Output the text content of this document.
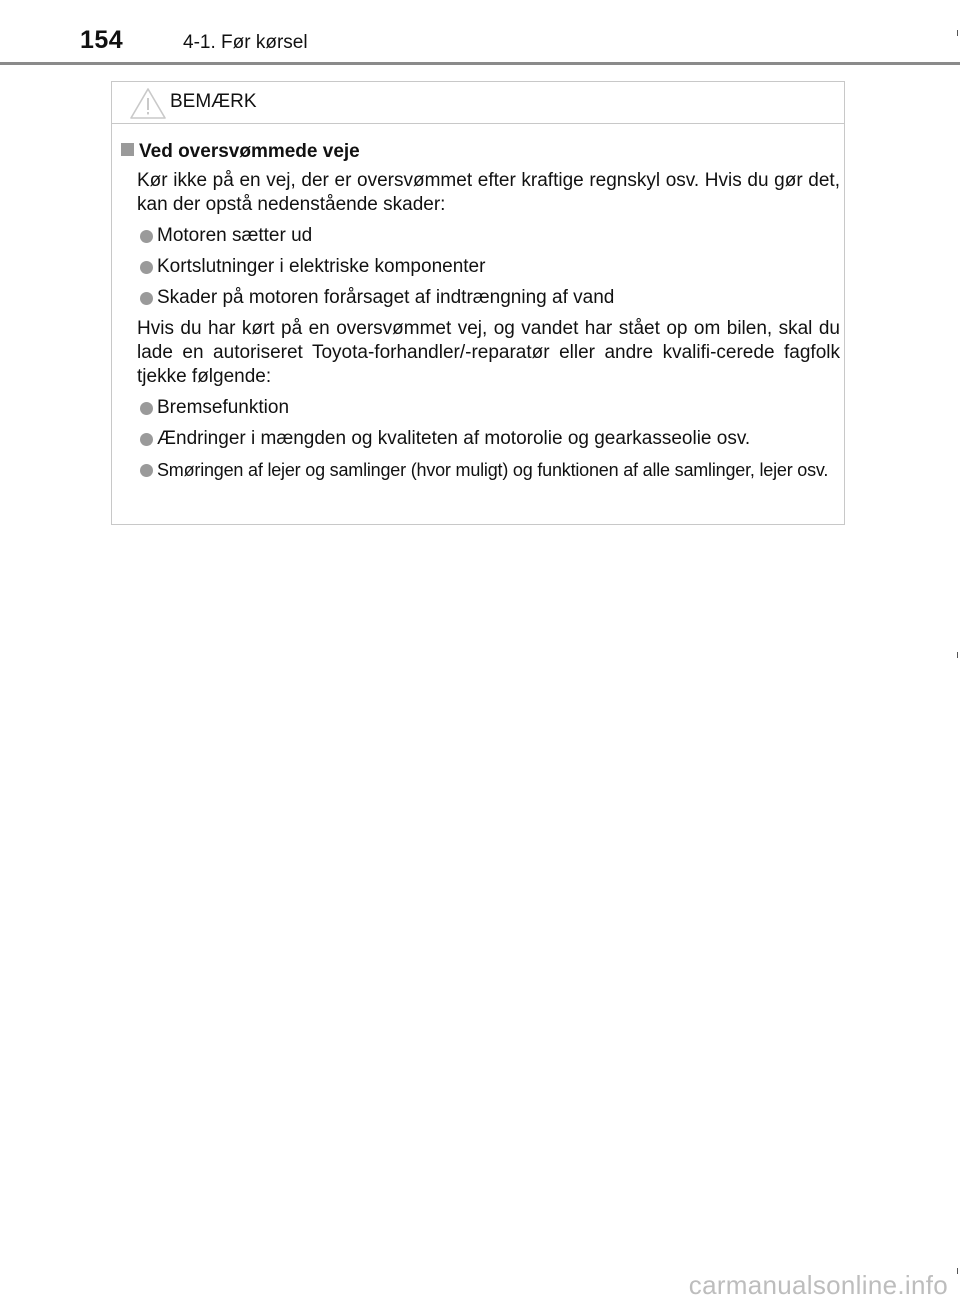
154	4-1. Før kørsel
BEMÆRK
Ved oversvømmede veje
Kør ikke på en vej, der er oversvømmet efter kraftige regnskyl osv. Hvis du gør det, kan der opstå nedenstående skader:
Motoren sætter ud
Kortslutninger i elektriske komponenter
Skader på motoren forårsaget af indtrængning af vand
Hvis du har kørt på en oversvømmet vej, og vandet har stået op om bilen, skal du lade en autoriseret Toyota-forhandler/-reparatør eller andre kvalifi-cerede fagfolk tjekke følgende:
Bremsefunktion
Ændringer i mængden og kvaliteten af motorolie og gearkasseolie osv.
Smøringen af lejer og samlinger (hvor muligt) og funktionen af alle samlinger, lejer osv.
carmanualsonline.info
